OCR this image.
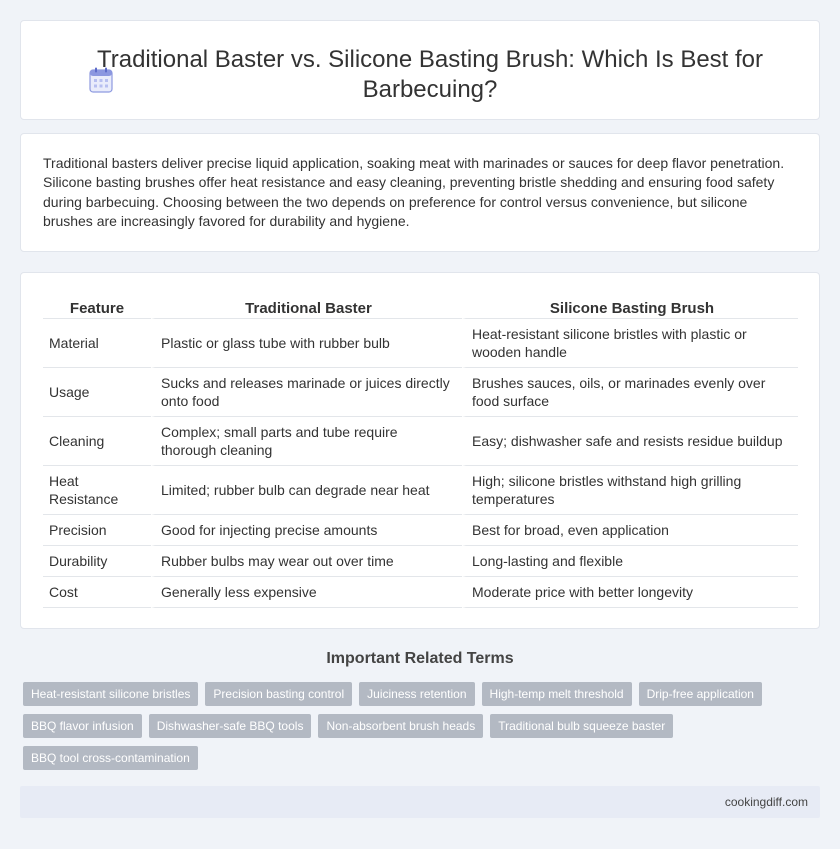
Traditional Baster vs. Silicone Basting Brush: Which Is Best for Barbecuing?

Traditional basters deliver precise liquid application, soaking meat with marinades or sauces for deep flavor penetration. Silicone basting brushes offer heat resistance and easy cleaning, preventing bristle shedding and ensuring food safety during barbecuing. Choosing between the two depends on preference for control versus convenience, but silicone brushes are increasingly favored for durability and hygiene.

Feature	Traditional Baster	Silicone Basting Brush
Material	Plastic or glass tube with rubber bulb	Heat-resistant silicone bristles with plastic or wooden handle
Usage	Sucks and releases marinade or juices directly onto food	Brushes sauces, oils, or marinades evenly over food surface
Cleaning	Complex; small parts and tube require thorough cleaning	Easy; dishwasher safe and resists residue buildup
Heat Resistance	Limited; rubber bulb can degrade near heat	High; silicone bristles withstand high grilling temperatures
Precision	Good for injecting precise amounts	Best for broad, even application
Durability	Rubber bulbs may wear out over time	Long-lasting and flexible
Cost	Generally less expensive	Moderate price with better longevity
Important Related Terms
Heat-resistant silicone bristles	Precision basting control	Juiciness retention	High-temp melt threshold	Drip-free application
BBQ flavor infusion	Dishwasher-safe BBQ tools	Non-absorbent brush heads	Traditional bulb squeeze baster
BBQ tool cross-contamination
cookingdiff.com
